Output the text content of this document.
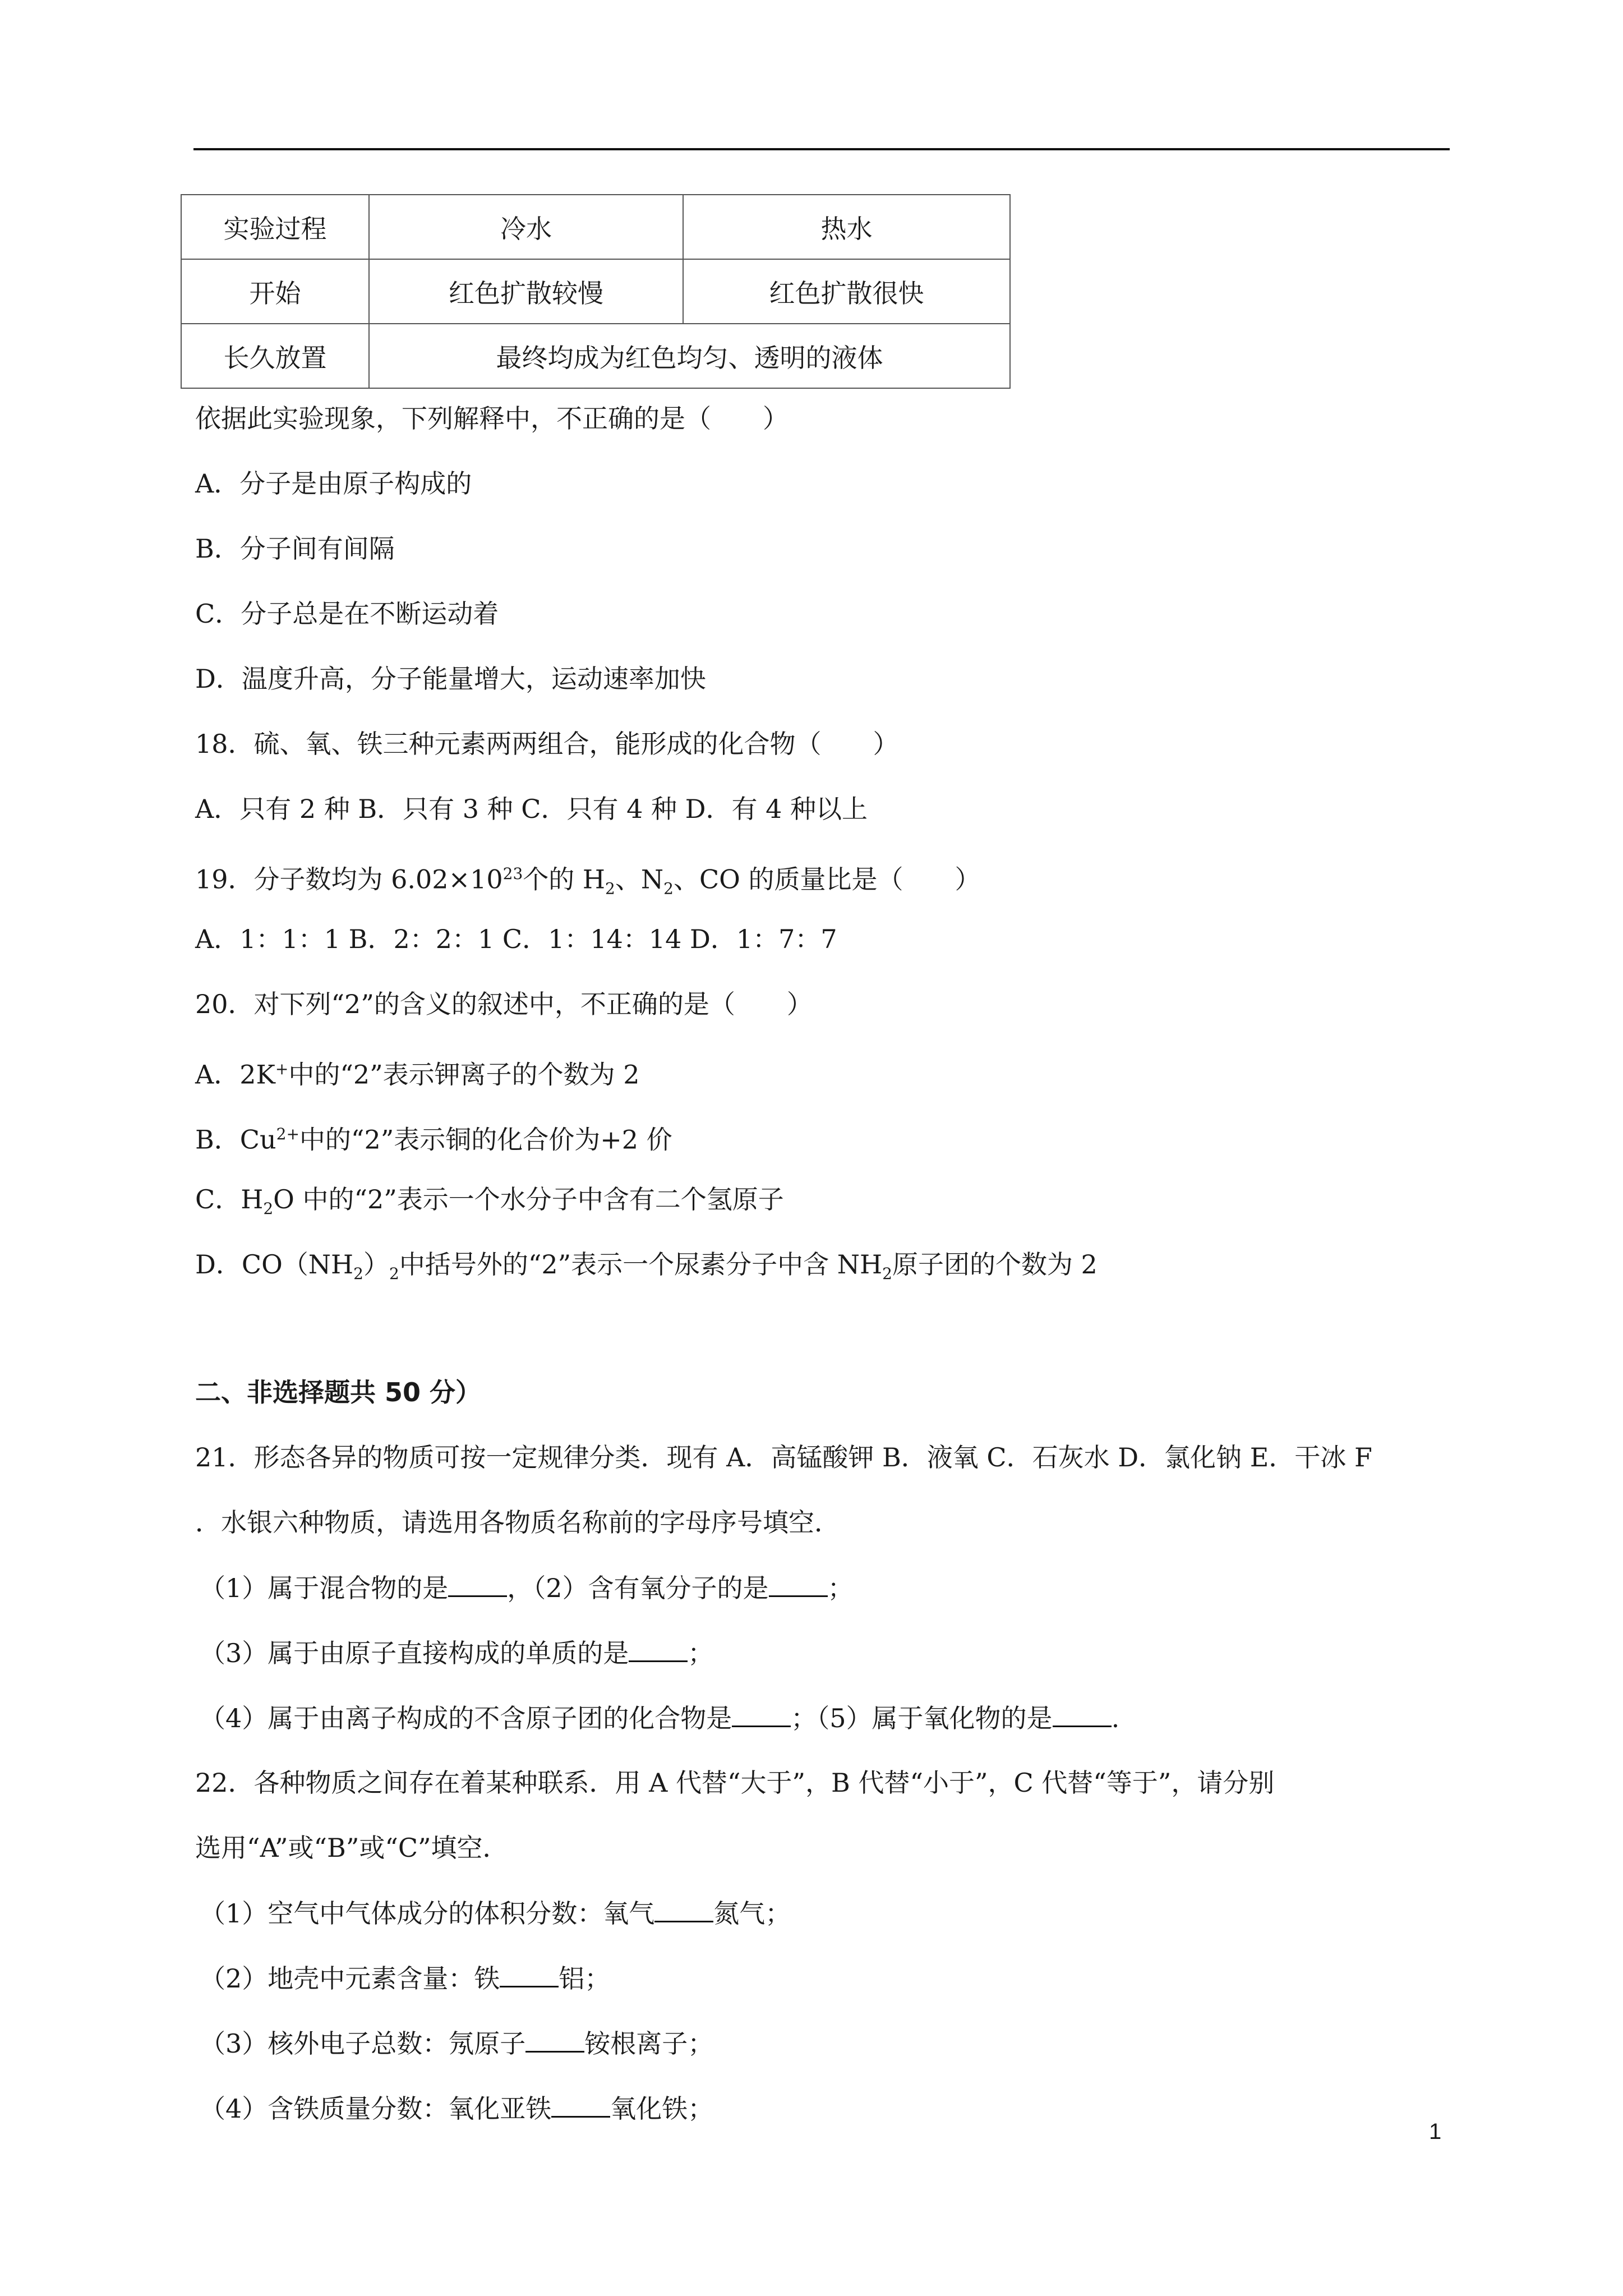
实验过程	冷水	热水
开始	红色扩散较慢	红色扩散很快
长久放置	最终均成为红色均匀、透明的液体	
依据此实验现象，下列解释中，不正确的是（　　）
A．分子是由原子构成的
B．分子间有间隔
C．分子总是在不断运动着
D．温度升高，分子能量增大，运动速率加快
18．硫、氧、铁三种元素两两组合，能形成的化合物（　　）
A．只有 2 种 B．只有 3 种 C．只有 4 种 D．有 4 种以上
19．分子数均为 $6.02\times 10^{23}$个的 $H_2$、$N_2$、CO 的质量比是（　　）
A．1：1：1 B．2：2：1 C．1：14：14 D．1：7：7
20．对下列“2”的含义的叙述中，不正确的是（　　）
A．2K+中的“2”表示钾离子的个数为 2
B．$Cu^{2+}$中的“2”表示铜的化合价为+2 价
C．$H_2O$ 中的“2”表示一个水分子中含有二个氢原子
D．$CO(NH_2)_2$中括号外的“2”表示一个尿素分子中含 $NH_2$原子团的个数为 2
二、非选择题共 50 分）
21．形态各异的物质可按一定规律分类．现有 A．高锰酸钾 B．液氧 C．石灰水 D．氯化钠 E．干冰 F
．水银六种物质，请选用各物质名称前的字母序号填空．
（1）属于混合物的是 ，（2）含有氧分子的是 ；
（3）属于由原子直接构成的单质的是 ；
（4）属于由离子构成的不含原子团的化合物是 ；（5）属于氧化物的是 .
22．各种物质之间存在着某种联系．用 A 代替“大于”，B 代替“小于”，C 代替“等于”，请分别
选用“A”或“B”或“C”填空．
（1）空气中气体成分的体积分数：氧气 氮气；
（2）地壳中元素含量：铁 铝；
（3）核外电子总数：氖原子 铵根离子；
（4）含铁质量分数：氧化亚铁 氧化铁；
1
